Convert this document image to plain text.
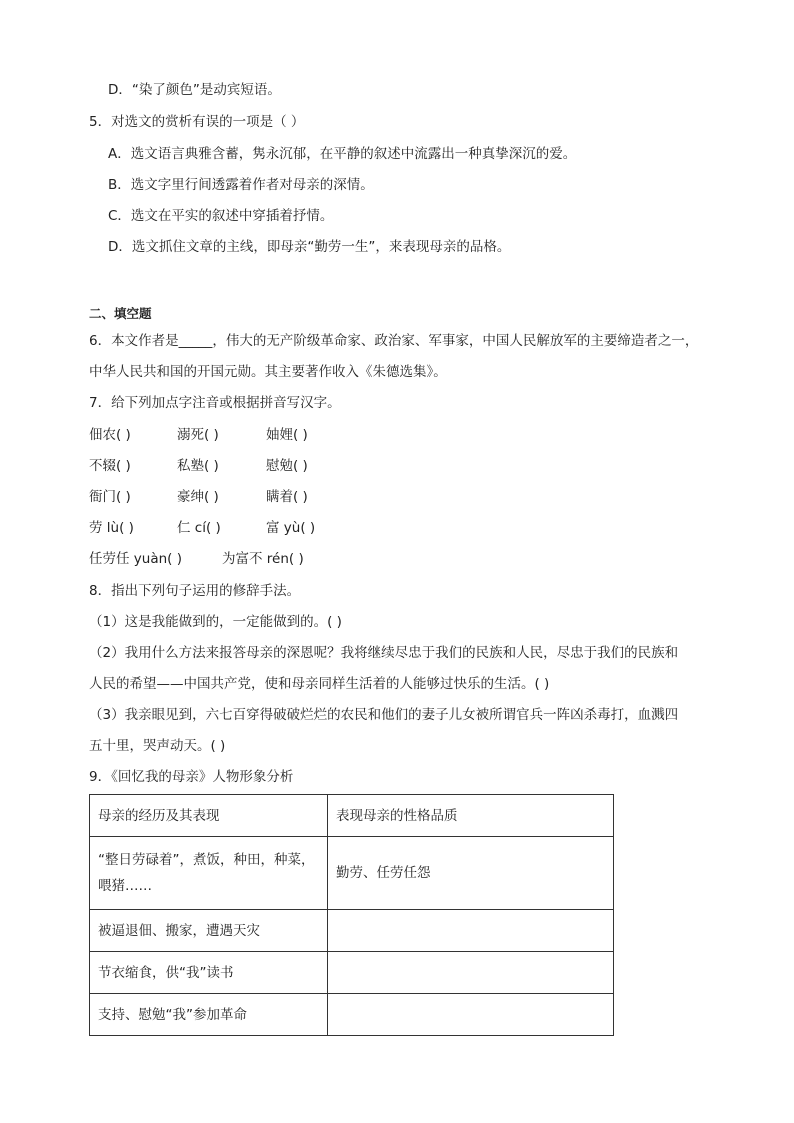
D．“染了颜色”是动宾短语。
5．对选文的赏析有误的一项是（ ）
A．选文语言典雅含蓄，隽永沉郁，在平静的叙述中流露出一种真挚深沉的爱。
B．选文字里行间透露着作者对母亲的深情。
C．选文在平实的叙述中穿插着抒情。
D．选文抓住文章的主线，即母亲“勤劳一生”，来表现母亲的品格。
二、填空题
6．本文作者是_____，伟大的无产阶级革命家、政治家、军事家，中国人民解放军的主要缔造者之一，
中华人民共和国的开国元勋。其主要著作收入《朱德选集》。
7．给下列加点字注音或根据拼音写汉字。
佃农( )	溺死( )	妯娌( )
不辍( )	私塾( )	慰勉( )
衙门( )	豪绅( )	瞒着( )
劳 lù( )	仁 cí( )	富 yù( )
任劳任 yuàn( )	为富不 rén( )
8．指出下列句子运用的修辞手法。
（1）这是我能做到的，一定能做到的。( )
（2）我用什么方法来报答母亲的深恩呢？我将继续尽忠于我们的民族和人民，尽忠于我们的民族和
人民的希望——中国共产党，使和母亲同样生活着的人能够过快乐的生活。( )
（3）我亲眼见到，六七百穿得破破烂烂的农民和他们的妻子儿女被所谓官兵一阵凶杀毒打，血溅四
五十里，哭声动天。( )
9．《回忆我的母亲》人物形象分析
母亲的经历及其表现	表现母亲的性格品质
“整日劳碌着”，煮饭，种田，种菜，喂猪……	勤劳、任劳任怨
被逼退佃、搬家，遭遇天灾	
节衣缩食，供“我”读书	
支持、慰勉“我”参加革命	
